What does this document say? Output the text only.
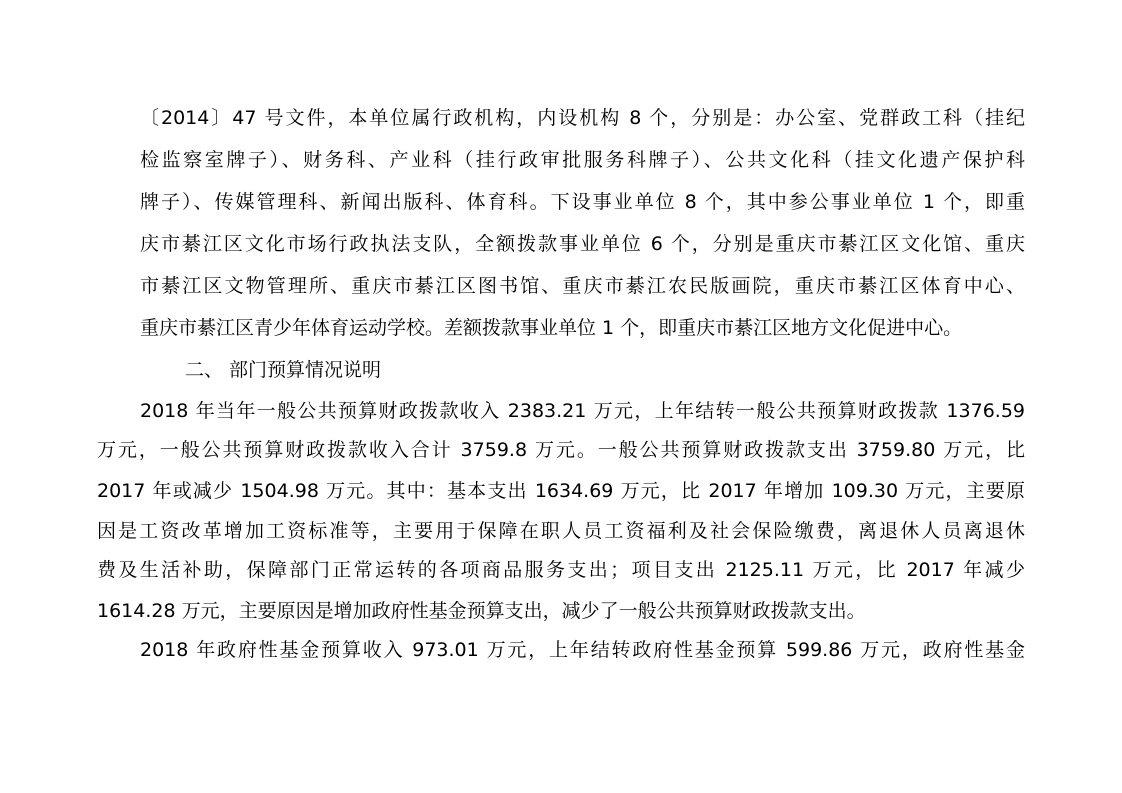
〔2014〕47 号文件，本单位属行政机构，内设机构 8 个，分别是：办公室、党群政工科（挂纪
检监察室牌子）、财务科、产业科（挂行政审批服务科牌子）、公共文化科（挂文化遗产保护科
牌子）、传媒管理科、新闻出版科、体育科。下设事业单位 8 个，其中参公事业单位 1 个，即重
庆市綦江区文化市场行政执法支队，全额拨款事业单位 6 个，分别是重庆市綦江区文化馆、重庆
市綦江区文物管理所、重庆市綦江区图书馆、重庆市綦江农民版画院，重庆市綦江区体育中心、
重庆市綦江区青少年体育运动学校。差额拨款事业单位 1 个，即重庆市綦江区地方文化促进中心。
二、 部门预算情况说明
2018 年当年一般公共预算财政拨款收入 2383.21 万元，上年结转一般公共预算财政拨款 1376.59
万元，一般公共预算财政拨款收入合计 3759.8 万元。一般公共预算财政拨款支出 3759.80 万元，比
2017 年或减少 1504.98 万元。其中：基本支出 1634.69 万元，比 2017 年增加 109.30 万元，主要原
因是工资改革增加工资标准等，主要用于保障在职人员工资福利及社会保险缴费，离退休人员离退休
费及生活补助，保障部门正常运转的各项商品服务支出；项目支出 2125.11 万元，比 2017 年减少
1614.28 万元，主要原因是增加政府性基金预算支出，减少了一般公共预算财政拨款支出。
2018 年政府性基金预算收入 973.01 万元，上年结转政府性基金预算 599.86 万元，政府性基金
